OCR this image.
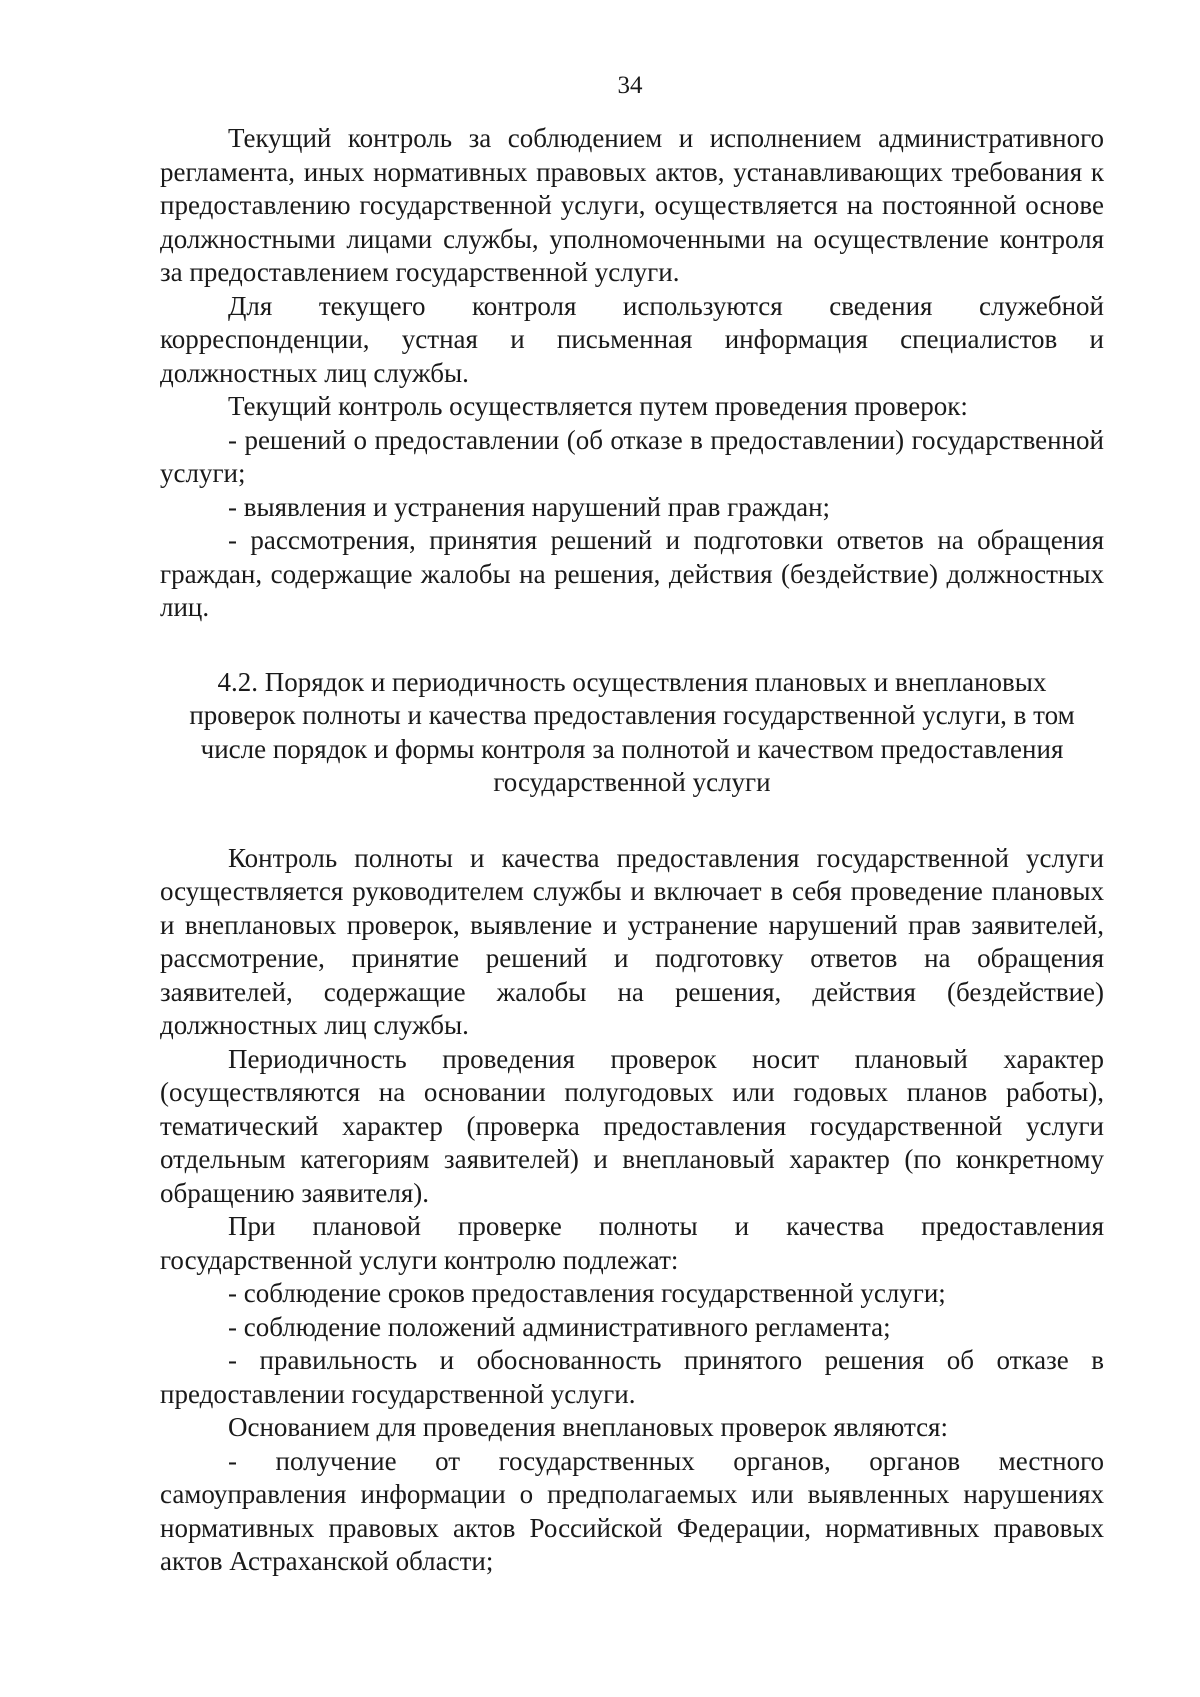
34

Текущий контроль за соблюдением и исполнением административного регламента, иных нормативных правовых актов, устанавливающих требования к предоставлению государственной услуги, осуществляется на постоянной основе должностными лицами службы, уполномоченными на осуществление контроля за предоставлением государственной услуги.

Для текущего контроля используются сведения служебной корреспонденции, устная и письменная информация специалистов и должностных лиц службы.

Текущий контроль осуществляется путем проведения проверок:

- решений о предоставлении (об отказе в предоставлении) государственной услуги;

- выявления и устранения нарушений прав граждан;

- рассмотрения, принятия решений и подготовки ответов на обращения граждан, содержащие жалобы на решения, действия (бездействие) должностных лиц.

4.2. Порядок и периодичность осуществления плановых и внеплановых проверок полноты и качества предоставления государственной услуги, в том числе порядок и формы контроля за полнотой и качеством предоставления государственной услуги

Контроль полноты и качества предоставления государственной услуги осуществляется руководителем службы и включает в себя проведение плановых и внеплановых проверок, выявление и устранение нарушений прав заявителей, рассмотрение, принятие решений и подготовку ответов на обращения заявителей, содержащие жалобы на решения, действия (бездействие) должностных лиц службы.

Периодичность проведения проверок носит плановый характер (осуществляются на основании полугодовых или годовых планов работы), тематический характер (проверка предоставления государственной услуги отдельным категориям заявителей) и внеплановый характер (по конкретному обращению заявителя).

При плановой проверке полноты и качества предоставления государственной услуги контролю подлежат:

- соблюдение сроков предоставления государственной услуги;

- соблюдение положений административного регламента;

- правильность и обоснованность принятого решения об отказе в предоставлении государственной услуги.

Основанием для проведения внеплановых проверок являются:

- получение от государственных органов, органов местного самоуправления информации о предполагаемых или выявленных нарушениях нормативных правовых актов Российской Федерации, нормативных правовых актов Астраханской области;
